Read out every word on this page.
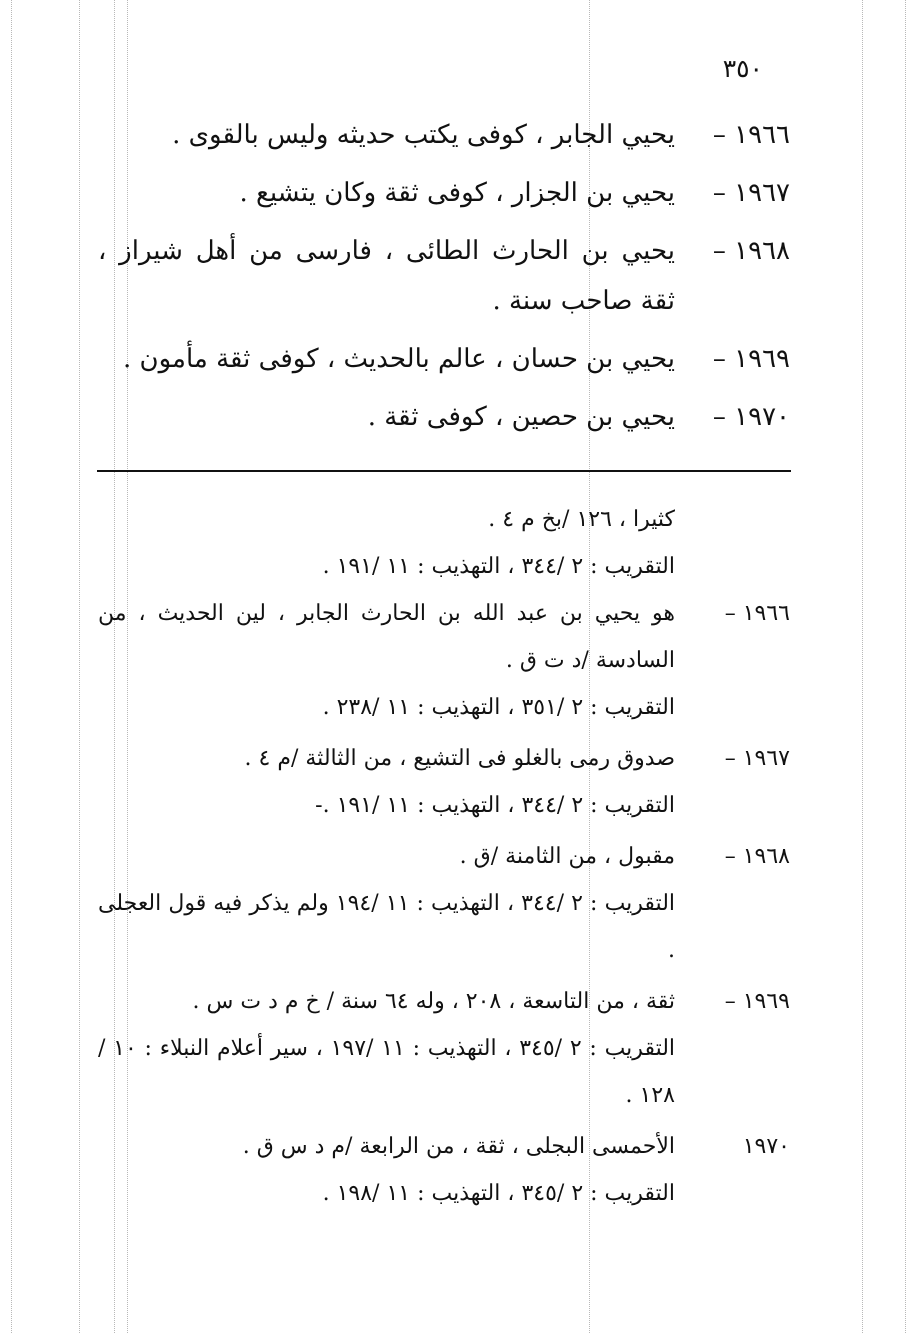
٣٥٠
١٩٦٦ –
يحيي الجابر ، كوفى يكتب حديثه وليس بالقوى .
١٩٦٧ –
يحيي بن الجزار ، كوفى ثقة وكان يتشيع .
١٩٦٨ –
يحيي بن الحارث الطائى ، فارسى من أهل شيراز ، ثقة صاحب سنة .
١٩٦٩ –
يحيي بن حسان ، عالم بالحديث ، كوفى ثقة مأمون .
١٩٧٠ –
يحيي بن حصين ، كوفى ثقة .
كثيرا ، ١٢٦ /بخ م ٤ .
التقريب : ٢ /٣٤٤ ، التهذيب : ١١ /١٩١ .
١٩٦٦ –
هو يحيي بن عبد الله بن الحارث الجابر ، لين الحديث ، من السادسة /د ت ق .
التقريب : ٢ /٣٥١ ، التهذيب : ١١ /٢٣٨ .
١٩٦٧ –
صدوق رمى بالغلو فى التشيع ، من الثالثة /م ٤ .
التقريب : ٢ /٣٤٤ ، التهذيب : ١١ /١٩١ .-
١٩٦٨ –
مقبول ، من الثامنة /ق .
التقريب : ٢ /٣٤٤ ، التهذيب : ١١ /١٩٤ ولم يذكر فيه قول العجلى .
١٩٦٩ –
ثقة ، من التاسعة ، ٢٠٨ ، وله ٦٤ سنة / خ م د ت س .
التقريب : ٢ /٣٤٥ ، التهذيب : ١١ /١٩٧ ، سير أعلام النبلاء : ١٠ /١٢٨ .
١٩٧٠
الأحمسى البجلى ، ثقة ، من الرابعة /م د س ق .
التقريب : ٢ /٣٤٥ ، التهذيب : ١١ /١٩٨ .
